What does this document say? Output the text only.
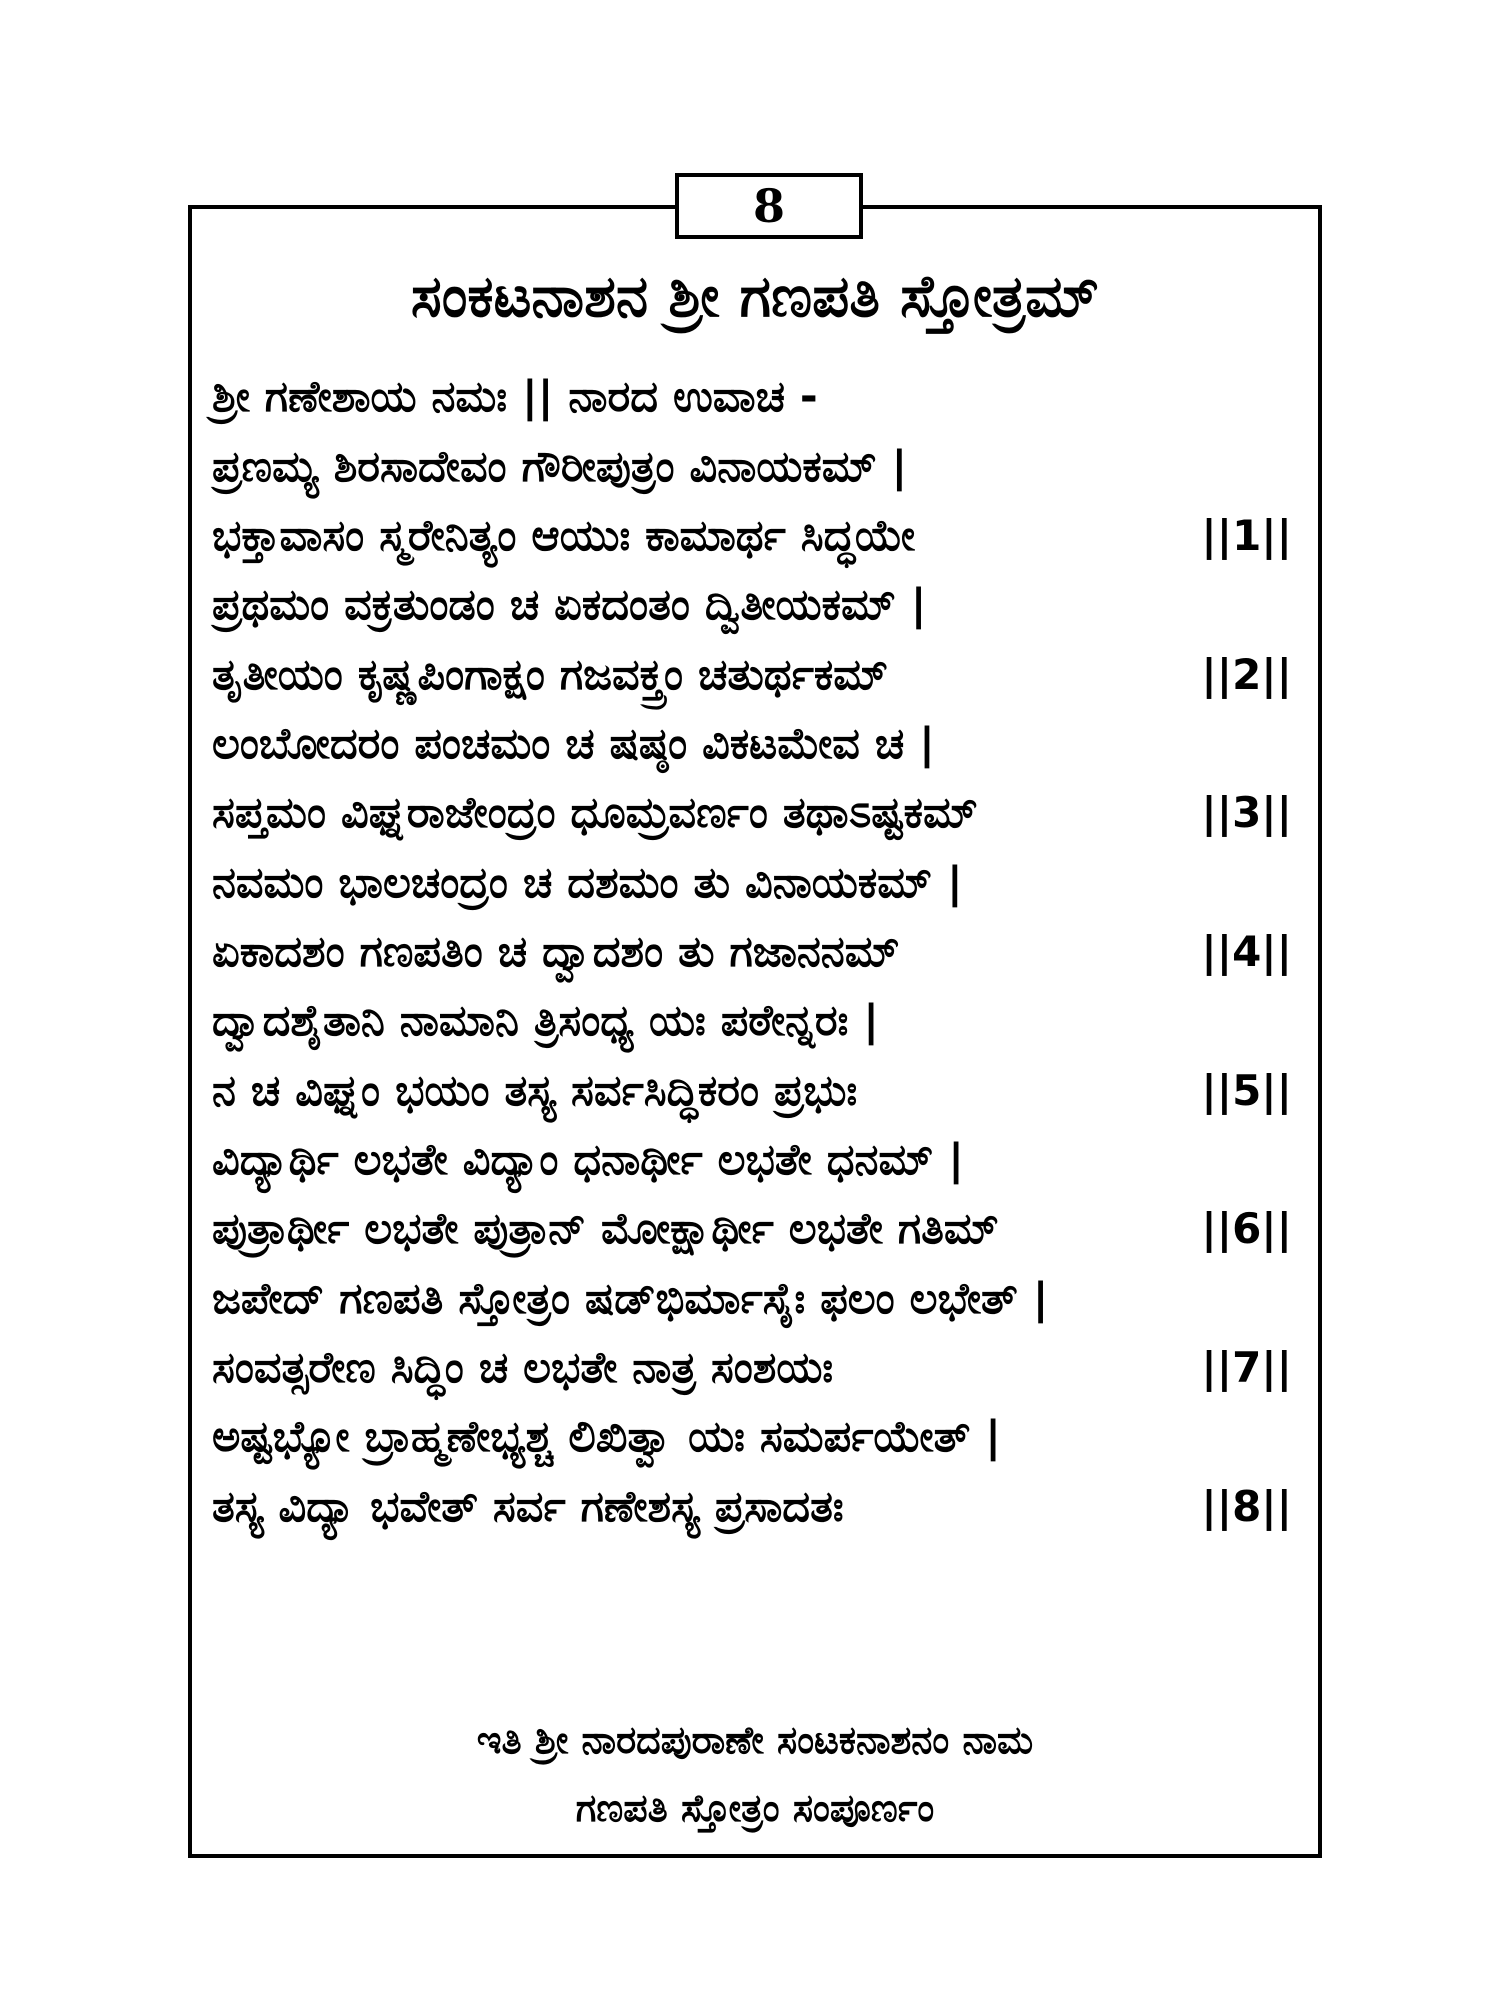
8
ಸಂಕಟನಾಶನ ಶ್ರೀ ಗಣಪತಿ ಸ್ತೋತ್ರಮ್
ಶ್ರೀ ಗಣೇಶಾಯ ನಮಃ || ನಾರದ ಉವಾಚ -
ಪ್ರಣಮ್ಯ ಶಿರಸಾದೇವಂ ಗೌರೀಪುತ್ರಂ ವಿನಾಯಕಮ್ |
ಭಕ್ತಾವಾಸಂ ಸ್ಮರೇನಿತ್ಯಂ ಆಯುಃ ಕಾಮಾರ್ಥ ಸಿದ್ಧಯೇ	||1||
ಪ್ರಥಮಂ ವಕ್ರತುಂಡಂ ಚ ಏಕದಂತಂ ದ್ವಿತೀಯಕಮ್ |
ತೃತೀಯಂ ಕೃಷ್ಣಪಿಂಗಾಕ್ಷಂ ಗಜವಕ್ತ್ರಂ ಚತುರ್ಥಕಮ್	||2||
ಲಂಬೋದರಂ ಪಂಚಮಂ ಚ ಷಷ್ಠಂ ವಿಕಟಮೇವ ಚ |
ಸಪ್ತಮಂ ವಿಘ್ನರಾಜೇಂದ್ರಂ ಧೂಮ್ರವರ್ಣಂ ತಥಾಽಷ್ಟಕಮ್	||3||
ನವಮಂ ಭಾಲಚಂದ್ರಂ ಚ ದಶಮಂ ತು ವಿನಾಯಕಮ್ |
ಏಕಾದಶಂ ಗಣಪತಿಂ ಚ ದ್ವಾದಶಂ ತು ಗಜಾನನಮ್	||4||
ದ್ವಾದಶೈತಾನಿ ನಾಮಾನಿ ತ್ರಿಸಂಧ್ಯ ಯಃ ಪಠೇನ್ನರಃ |
ನ ಚ ವಿಘ್ನಂ ಭಯಂ ತಸ್ಯ ಸರ್ವಸಿದ್ಧಿಕರಂ ಪ್ರಭುಃ	||5||
ವಿದ್ಯಾರ್ಥಿ ಲಭತೇ ವಿದ್ಯಾಂ ಧನಾರ್ಥೀ ಲಭತೇ ಧನಮ್ |
ಪುತ್ರಾರ್ಥೀ ಲಭತೇ ಪುತ್ರಾನ್ ಮೋಕ್ಷಾರ್ಥೀ ಲಭತೇ ಗತಿಮ್	||6||
ಜಪೇದ್ ಗಣಪತಿ ಸ್ತೋತ್ರಂ ಷಡ್‌ಭಿರ್ಮಾಸೈಃ ಫಲಂ ಲಭೇತ್ |
ಸಂವತ್ಸರೇಣ ಸಿದ್ಧಿಂ ಚ ಲಭತೇ ನಾತ್ರ ಸಂಶಯಃ	||7||
ಅಷ್ಟಭ್ಯೋ ಬ್ರಾಹ್ಮಣೇಭ್ಯಶ್ಚ ಲಿಖಿತ್ವಾ ಯಃ ಸಮರ್ಪಯೇತ್ |
ತಸ್ಯ ವಿದ್ಯಾ ಭವೇತ್ ಸರ್ವ ಗಣೇಶಸ್ಯ ಪ್ರಸಾದತಃ	||8||
ಇತಿ ಶ್ರೀ ನಾರದಪುರಾಣೇ ಸಂಟಕನಾಶನಂ ನಾಮ
ಗಣಪತಿ ಸ್ತೋತ್ರಂ ಸಂಪೂರ್ಣಂ
